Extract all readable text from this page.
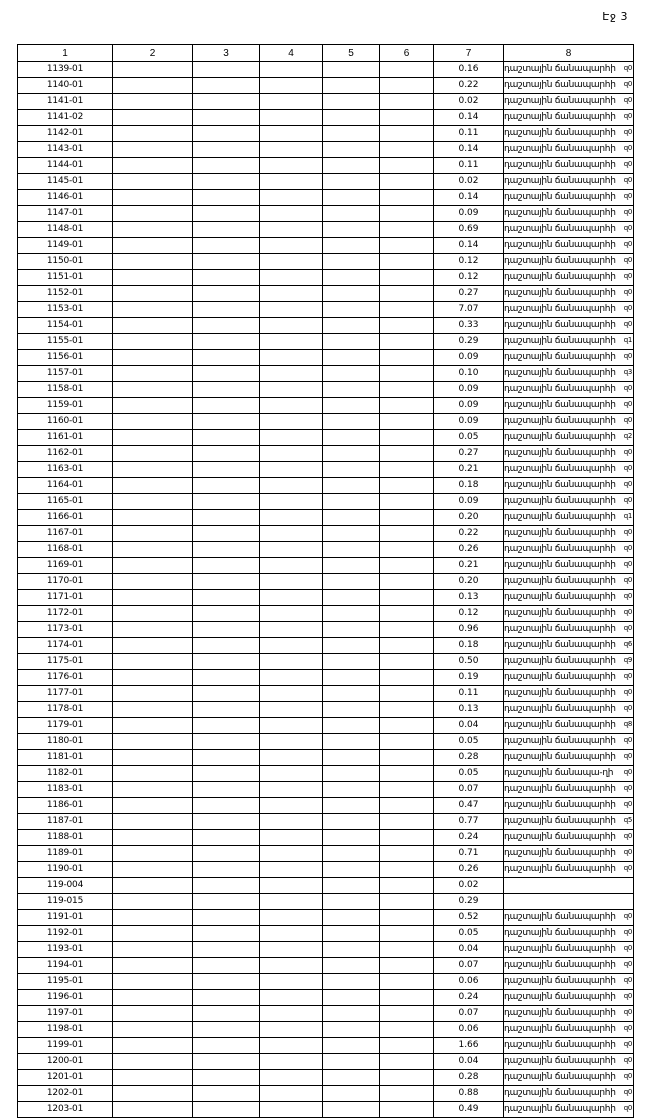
Էջ 3
1	2	3	4	5	6	7	8
1139-01						0.16	դաշտային ճանապարհի զ0

1140-01						0.22	դաշտային ճանապարհի զ0

1141-01						0.02	դաշտային ճանապարհի զ0

1141-02						0.14	դաշտային ճանապարհի զ0

1142-01						0.11	դաշտային ճանապարհի զ0

1143-01						0.14	դաշտային ճանապարհի զ0

1144-01						0.11	դաշտային ճանապարհի զ0

1145-01						0.02	դաշտային ճանապարհի զ0

1146-01						0.14	դաշտային ճանապարհի զ0

1147-01						0.09	դաշտային ճանապարհի զ0

1148-01						0.69	դաշտային ճանապարհի զ0

1149-01						0.14	դաշտային ճանապարհի զ0

1150-01						0.12	դաշտային ճանապարհի զ0

1151-01						0.12	դաշտային ճանապարհի զ0

1152-01						0.27	դաշտային ճանապարհի զ0

1153-01						7.07	դաշտային ճանապարհի զ0

1154-01						0.33	դաշտային ճանապարհի զ0

1155-01						0.29	դաշտային ճանապարհի զ1

1156-01						0.09	դաշտային ճանապարհի զ0

1157-01						0.10	դաշտային ճանապարհի զ3

1158-01						0.09	դաշտային ճանապարհի զ0

1159-01						0.09	դաշտային ճանապարհի զ0

1160-01						0.09	դաշտային ճանապարհի զ0

1161-01						0.05	դաշտային ճանապարհի զ2

1162-01						0.27	դաշտային ճանապարհի զ0

1163-01						0.21	դաշտային ճանապարհի զ0

1164-01						0.18	դաշտային ճանապարհի զ0

1165-01						0.09	դաշտային ճանապարհի զ0

1166-01						0.20	դաշտային ճանապարհի զ1

1167-01						0.22	դաշտային ճանապարհի զ0

1168-01						0.26	դաշտային ճանապարհի զ0

1169-01						0.21	դաշտային ճանապարհի զ0

1170-01						0.20	դաշտային ճանապարհի զ0

1171-01						0.13	դաշտային ճանապարհի զ0

1172-01						0.12	դաշտային ճանապարհի զ0

1173-01						0.96	դաշտային ճանապարհի զ0

1174-01						0.18	դաշտային ճանապարհի զ6

1175-01						0.50	դաշտային ճանապարհի զ9

1176-01						0.19	դաշտային ճանապարհի զ0

1177-01						0.11	դաշտային ճանապարհի զ0

1178-01						0.13	դաշտային ճանապարհի զ0

1179-01						0.04	դաշտային ճանապարհի զ8

1180-01						0.05	դաշտային ճանապարհի զ0

1181-01						0.28	դաշտային ճանապարհի զ0

1182-01						0.05	դաշտային ճանապա-ղի զ0

1183-01						0.07	դաշտային ճանապարհի զ0

1186-01						0.47	դաշտային ճանապարհի զ0

1187-01						0.77	դաշտային ճանապարհի զ5

1188-01						0.24	դաշտային ճանապարհի զ0

1189-01						0.71	դաշտային ճանապարհի զ0

1190-01						0.26	դաշտային ճանապարհի զ0

119-004						0.02	

119-015						0.29	

1191-01						0.52	դաշտային ճանապարհի զ0

1192-01						0.05	դաշտային ճանապարհի զ0

1193-01						0.04	դաշտային ճանապարհի զ0

1194-01						0.07	դաշտային ճանապարհի զ0

1195-01						0.06	դաշտային ճանապարհի զ0

1196-01						0.24	դաշտային ճանապարհի զ0

1197-01						0.07	դաշտային ճանապարհի զ0

1198-01						0.06	դաշտային ճանապարհի զ0

1199-01						1.66	դաշտային ճանապարհի զ0

1200-01						0.04	դաշտային ճանապարհի զ0

1201-01						0.28	դաշտային ճանապարհի զ0

1202-01						0.88	դաշտային ճանապարհի զ0

1203-01						0.49	դաշտային ճանապարհի զ0
